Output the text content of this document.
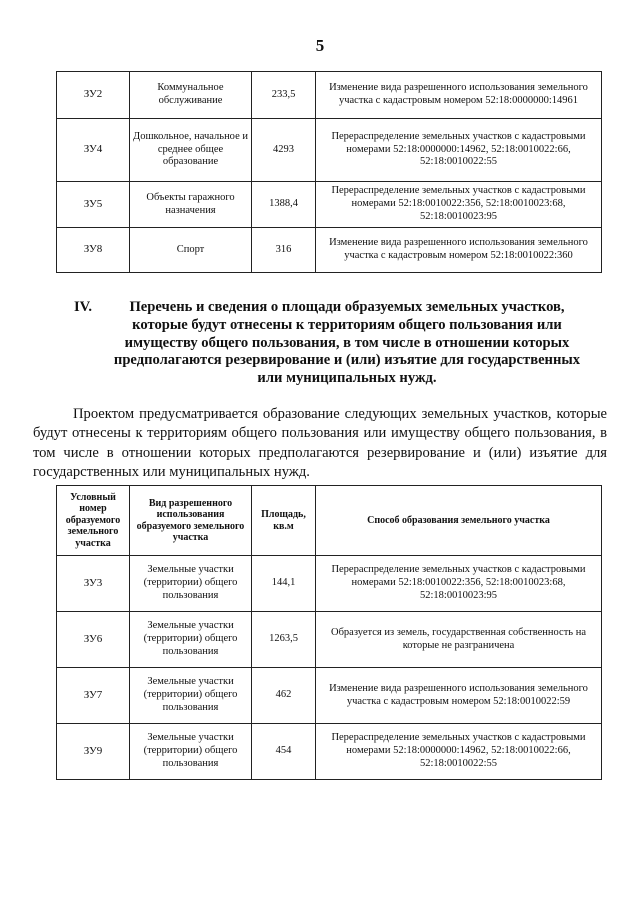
5
ЗУ2	Коммунальное обслуживание	233,5	Изменение вида разрешенного использования земельного участка с кадастровым номером 52:18:0000000:14961
ЗУ4	Дошкольное, начальное и среднее общее образование	4293	Перераспределение земельных участков с кадастровыми номерами 52:18:0000000:14962, 52:18:0010022:66, 52:18:0010022:55
ЗУ5	Объекты гаражного назначения	1388,4	Перераспределение земельных участков с кадастровыми номерами 52:18:0010022:356, 52:18:0010023:68, 52:18:0010023:95
ЗУ8	Спорт	316	Изменение вида разрешенного использования земельного участка с кадастровым номером 52:18:0010022:360
IV.	Перечень и сведения о площади образуемых земельных участков, которые будут отнесены к территориям общего пользования или имуществу общего пользования, в том числе в отношении которых предполагаются резервирование и (или) изъятие для государственных или муниципальных нужд.
Проектом предусматривается образование следующих земельных участков, которые будут отнесены к территориям общего пользования или имуществу общего пользования, в том числе в отношении которых предполагаются резервирование и (или) изъятие для государственных или муниципальных нужд.
Условный номер образуемого земельного участка	Вид разрешенного использования образуемого земельного участка	Площадь, кв.м	Способ образования земельного участка
ЗУ3	Земельные участки (территории) общего пользования	144,1	Перераспределение земельных участков с кадастровыми номерами 52:18:0010022:356, 52:18:0010023:68, 52:18:0010023:95
ЗУ6	Земельные участки (территории) общего пользования	1263,5	Образуется из земель, государственная собственность на которые не разграничена
ЗУ7	Земельные участки (территории) общего пользования	462	Изменение вида разрешенного использования земельного участка с кадастровым номером 52:18:0010022:59
ЗУ9	Земельные участки (территории) общего пользования	454	Перераспределение земельных участков с кадастровыми номерами 52:18:0000000:14962, 52:18:0010022:66, 52:18:0010022:55
